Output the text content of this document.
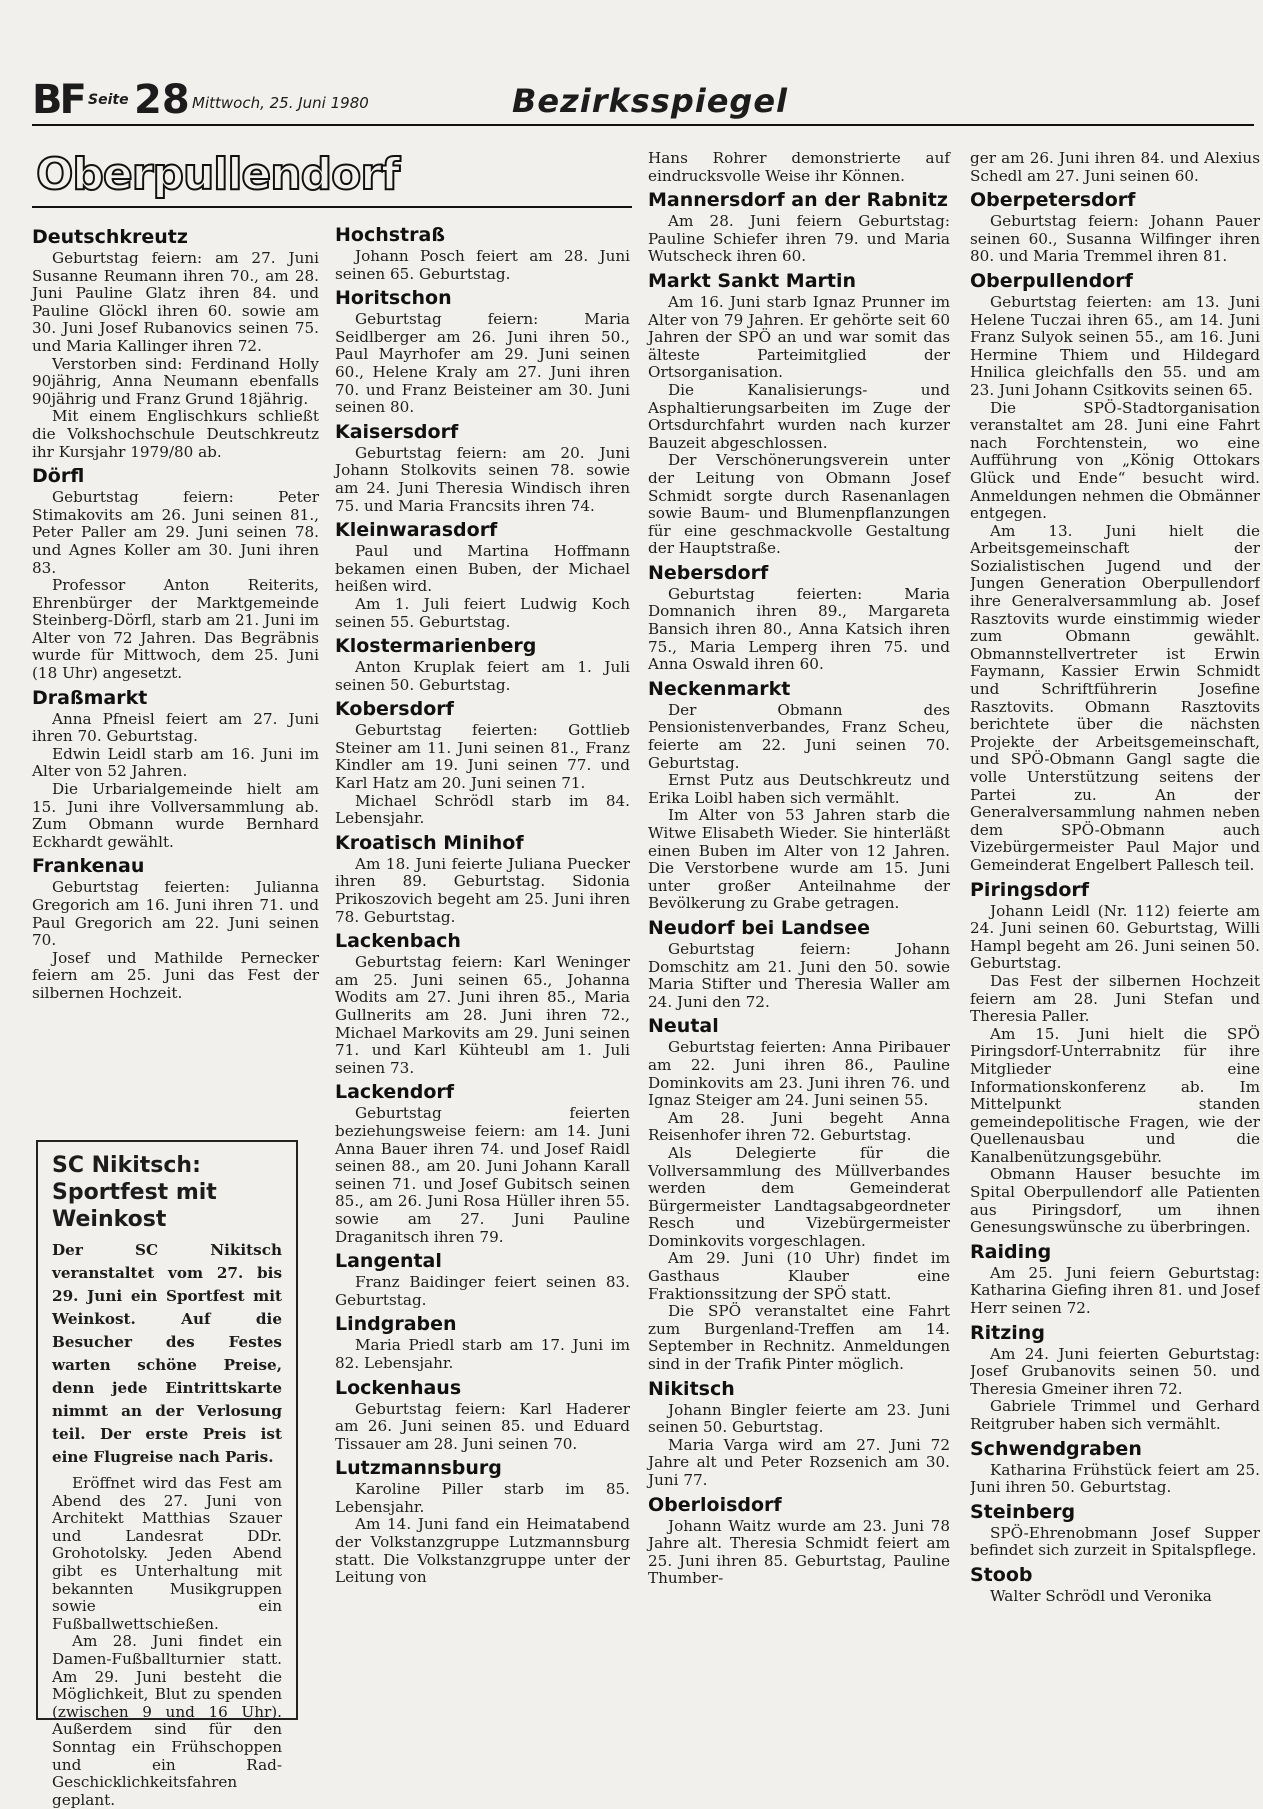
BF Seite 28 Mittwoch, 25. Juni 1980	Bezirksspiegel
Oberpullendorf
Deutschkreutz

Geburtstag feiern: am 27. Juni Susanne Reumann ihren 70., am 28. Juni Pauline Glatz ihren 84. und Pauline Glöckl ihren 60. sowie am 30. Juni Josef Rubanovics seinen 75. und Maria Kallinger ihren 72.

Verstorben sind: Ferdinand Holly 90jährig, Anna Neumann ebenfalls 90jährig und Franz Grund 18jährig.

Mit einem Englischkurs schließt die Volkshochschule Deutschkreutz ihr Kursjahr 1979/80 ab.

Dörfl

Geburtstag feiern: Peter Stimakovits am 26. Juni seinen 81., Peter Paller am 29. Juni seinen 78. und Agnes Koller am 30. Juni ihren 83.

Professor Anton Reiterits, Ehrenbürger der Marktgemeinde Steinberg-Dörfl, starb am 21. Juni im Alter von 72 Jahren. Das Begräbnis wurde für Mittwoch, dem 25. Juni (18 Uhr) angesetzt.

Draßmarkt

Anna Pfneisl feiert am 27. Juni ihren 70. Geburtstag.

Edwin Leidl starb am 16. Juni im Alter von 52 Jahren.

Die Urbarialgemeinde hielt am 15. Juni ihre Vollversammlung ab. Zum Obmann wurde Bernhard Eckhardt gewählt.

Frankenau

Geburtstag feierten: Julianna Gregorich am 16. Juni ihren 71. und Paul Gregorich am 22. Juni seinen 70.

Josef und Mathilde Pernecker feiern am 25. Juni das Fest der silbernen Hochzeit.

SC Nikitsch: Sportfest mit Weinkost
Der SC Nikitsch veranstaltet vom 27. bis 29. Juni ein Sportfest mit Weinkost. Auf die Besucher des Festes warten schöne Preise, denn jede Eintrittskarte nimmt an der Verlosung teil. Der erste Preis ist eine Flugreise nach Paris.

Eröffnet wird das Fest am Abend des 27. Juni von Architekt Matthias Szauer und Landesrat DDr. Grohotolsky. Jeden Abend gibt es Unterhaltung mit bekannten Musikgruppen sowie ein Fußballwettschießen.

Am 28. Juni findet ein Damen-Fußballturnier statt. Am 29. Juni besteht die Möglichkeit, Blut zu spenden (zwischen 9 und 16 Uhr). Außerdem sind für den Sonntag ein Frühschoppen und ein Rad-Geschicklichkeitsfahren geplant.

Hochstraß

Johann Posch feiert am 28. Juni seinen 65. Geburtstag.

Horitschon

Geburtstag feiern: Maria Seidlberger am 26. Juni ihren 50., Paul Mayrhofer am 29. Juni seinen 60., Helene Kraly am 27. Juni ihren 70. und Franz Beisteiner am 30. Juni seinen 80.

Kaisersdorf

Geburtstag feiern: am 20. Juni Johann Stolkovits seinen 78. sowie am 24. Juni Theresia Windisch ihren 75. und Maria Francsits ihren 74.

Kleinwarasdorf

Paul und Martina Hoffmann bekamen einen Buben, der Michael heißen wird.

Am 1. Juli feiert Ludwig Koch seinen 55. Geburtstag.

Klostermarienberg

Anton Kruplak feiert am 1. Juli seinen 50. Geburtstag.

Kobersdorf

Geburtstag feierten: Gottlieb Steiner am 11. Juni seinen 81., Franz Kindler am 19. Juni seinen 77. und Karl Hatz am 20. Juni seinen 71.

Michael Schrödl starb im 84. Lebensjahr.

Kroatisch Minihof

Am 18. Juni feierte Juliana Puecker ihren 89. Geburtstag. Sidonia Prikoszovich begeht am 25. Juni ihren 78. Geburtstag.

Lackenbach

Geburtstag feiern: Karl Weninger am 25. Juni seinen 65., Johanna Wodits am 27. Juni ihren 85., Maria Gullnerits am 28. Juni ihren 72., Michael Markovits am 29. Juni seinen 71. und Karl Kühteubl am 1. Juli seinen 73.

Lackendorf

Geburtstag feierten beziehungsweise feiern: am 14. Juni Anna Bauer ihren 74. und Josef Raidl seinen 88., am 20. Juni Johann Karall seinen 71. und Josef Gubitsch seinen 85., am 26. Juni Rosa Hüller ihren 55. sowie am 27. Juni Pauline Draganitsch ihren 79.

Langental

Franz Baidinger feiert seinen 83. Geburtstag.

Lindgraben

Maria Priedl starb am 17. Juni im 82. Lebensjahr.

Lockenhaus

Geburtstag feiern: Karl Haderer am 26. Juni seinen 85. und Eduard Tissauer am 28. Juni seinen 70.

Lutzmannsburg

Karoline Piller starb im 85. Lebensjahr.

Am 14. Juni fand ein Heimatabend der Volkstanzgruppe Lutzmannsburg statt. Die Volkstanzgruppe unter der Leitung von

Hans Rohrer demonstrierte auf eindrucksvolle Weise ihr Können.

Mannersdorf an der Rabnitz

Am 28. Juni feiern Geburtstag: Pauline Schiefer ihren 79. und Maria Wutscheck ihren 60.

Markt Sankt Martin

Am 16. Juni starb Ignaz Prunner im Alter von 79 Jahren. Er gehörte seit 60 Jahren der SPÖ an und war somit das älteste Parteimitglied der Ortsorganisation.

Die Kanalisierungs- und Asphaltierungsarbeiten im Zuge der Ortsdurchfahrt wurden nach kurzer Bauzeit abgeschlossen.

Der Verschönerungsverein unter der Leitung von Obmann Josef Schmidt sorgte durch Rasenanlagen sowie Baum- und Blumenpflanzungen für eine geschmackvolle Gestaltung der Hauptstraße.

Nebersdorf

Geburtstag feierten: Maria Domnanich ihren 89., Margareta Bansich ihren 80., Anna Katsich ihren 75., Maria Lemperg ihren 75. und Anna Oswald ihren 60.

Neckenmarkt

Der Obmann des Pensionistenverbandes, Franz Scheu, feierte am 22. Juni seinen 70. Geburtstag.

Ernst Putz aus Deutschkreutz und Erika Loibl haben sich vermählt.

Im Alter von 53 Jahren starb die Witwe Elisabeth Wieder. Sie hinterläßt einen Buben im Alter von 12 Jahren. Die Verstorbene wurde am 15. Juni unter großer Anteilnahme der Bevölkerung zu Grabe getragen.

Neudorf bei Landsee

Geburtstag feiern: Johann Domschitz am 21. Juni den 50. sowie Maria Stifter und Theresia Waller am 24. Juni den 72.

Neutal

Geburtstag feierten: Anna Piribauer am 22. Juni ihren 86., Pauline Dominkovits am 23. Juni ihren 76. und Ignaz Steiger am 24. Juni seinen 55.

Am 28. Juni begeht Anna Reisenhofer ihren 72. Geburtstag.

Als Delegierte für die Vollversammlung des Müllverbandes werden dem Gemeinderat Bürgermeister Landtagsabgeordneter Resch und Vizebürgermeister Dominkovits vorgeschlagen.

Am 29. Juni (10 Uhr) findet im Gasthaus Klauber eine Fraktionssitzung der SPÖ statt.

Die SPÖ veranstaltet eine Fahrt zum Burgenland-Treffen am 14. September in Rechnitz. Anmeldungen sind in der Trafik Pinter möglich.

Nikitsch

Johann Bingler feierte am 23. Juni seinen 50. Geburtstag.

Maria Varga wird am 27. Juni 72 Jahre alt und Peter Rozsenich am 30. Juni 77.

Oberloisdorf

Johann Waitz wurde am 23. Juni 78 Jahre alt. Theresia Schmidt feiert am 25. Juni ihren 85. Geburtstag, Pauline Thumber-

ger am 26. Juni ihren 84. und Alexius Schedl am 27. Juni seinen 60.

Oberpetersdorf

Geburtstag feiern: Johann Pauer seinen 60., Susanna Wilfinger ihren 80. und Maria Tremmel ihren 81.

Oberpullendorf

Geburtstag feierten: am 13. Juni Helene Tuczai ihren 65., am 14. Juni Franz Sulyok seinen 55., am 16. Juni Hermine Thiem und Hildegard Hnilica gleichfalls den 55. und am 23. Juni Johann Csitkovits seinen 65.

Die SPÖ-Stadtorganisation veranstaltet am 28. Juni eine Fahrt nach Forchtenstein, wo eine Aufführung von „König Ottokars Glück und Ende“ besucht wird. Anmeldungen nehmen die Obmänner entgegen.

Am 13. Juni hielt die Arbeitsgemeinschaft der Sozialistischen Jugend und der Jungen Generation Oberpullendorf ihre Generalversammlung ab. Josef Rasztovits wurde einstimmig wieder zum Obmann gewählt. Obmannstellvertreter ist Erwin Faymann, Kassier Erwin Schmidt und Schriftführerin Josefine Rasztovits. Obmann Rasztovits berichtete über die nächsten Projekte der Arbeitsgemeinschaft, und SPÖ-Obmann Gangl sagte die volle Unterstützung seitens der Partei zu. An der Generalversammlung nahmen neben dem SPÖ-Obmann auch Vizebürgermeister Paul Major und Gemeinderat Engelbert Pallesch teil.

Piringsdorf

Johann Leidl (Nr. 112) feierte am 24. Juni seinen 60. Geburtstag, Willi Hampl begeht am 26. Juni seinen 50. Geburtstag.

Das Fest der silbernen Hochzeit feiern am 28. Juni Stefan und Theresia Paller.

Am 15. Juni hielt die SPÖ Piringsdorf-Unterrabnitz für ihre Mitglieder eine Informationskonferenz ab. Im Mittelpunkt standen gemeindepolitische Fragen, wie der Quellenausbau und die Kanalbenützungsgebühr.

Obmann Hauser besuchte im Spital Oberpullendorf alle Patienten aus Piringsdorf, um ihnen Genesungswünsche zu überbringen.

Raiding

Am 25. Juni feiern Geburtstag: Katharina Giefing ihren 81. und Josef Herr seinen 72.

Ritzing

Am 24. Juni feierten Geburtstag: Josef Grubanovits seinen 50. und Theresia Gmeiner ihren 72.

Gabriele Trimmel und Gerhard Reitgruber haben sich vermählt.

Schwendgraben

Katharina Frühstück feiert am 25. Juni ihren 50. Geburtstag.

Steinberg

SPÖ-Ehrenobmann Josef Supper befindet sich zurzeit in Spitalspflege.

Stoob

Walter Schrödl und Veronika
